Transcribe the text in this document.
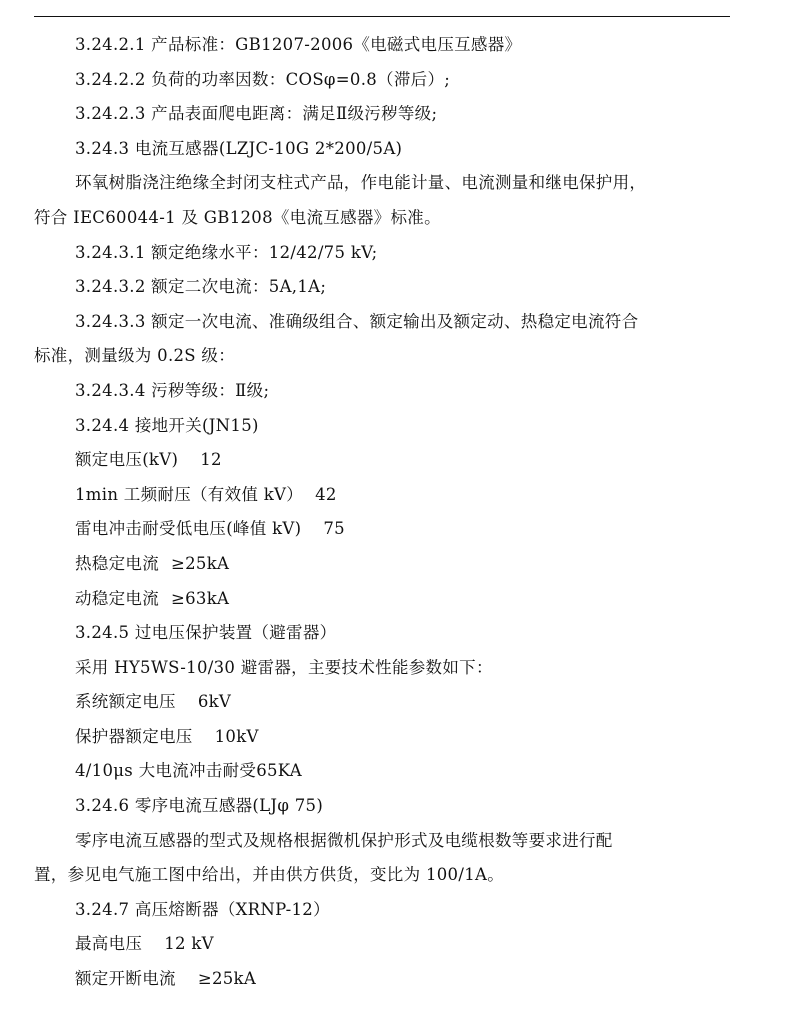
3.24.2.1 产品标准：GB1207-2006《电磁式电压互感器》
3.24.2.2 负荷的功率因数：COSφ=0.8（滞后）;
3.24.2.3 产品表面爬电距离：满足Ⅱ级污秽等级;
3.24.3 电流互感器(LZJC-10G 2*200/5A)
环氧树脂浇注绝缘全封闭支柱式产品，作电能计量、电流测量和继电保护用，
符合 IEC60044-1 及 GB1208《电流互感器》标准。
3.24.3.1 额定绝缘水平：12/42/75 kV;
3.24.3.2 额定二次电流：5A,1A;
3.24.3.3 额定一次电流、准确级组合、额定输出及额定动、热稳定电流符合
标准，测量级为 0.2S 级：
3.24.3.4 污秽等级：Ⅱ级;
3.24.4 接地开关(JN15)
额定电压(kV) 12
1min 工频耐压（有效值 kV） 42
雷电冲击耐受低电压(峰值 kV) 75
热稳定电流 ≥25kA
动稳定电流 ≥63kA
3.24.5 过电压保护装置（避雷器）
采用 HY5WS-10/30 避雷器，主要技术性能参数如下：
系统额定电压 6kV
保护器额定电压 10kV
4/10μs 大电流冲击耐受65KA
3.24.6 零序电流互感器(LJφ 75)
零序电流互感器的型式及规格根据微机保护形式及电缆根数等要求进行配
置，参见电气施工图中给出，并由供方供货，变比为 100/1A。
3.24.7 高压熔断器（XRNP-12）
最高电压 12 kV
额定开断电流 ≥25kA
